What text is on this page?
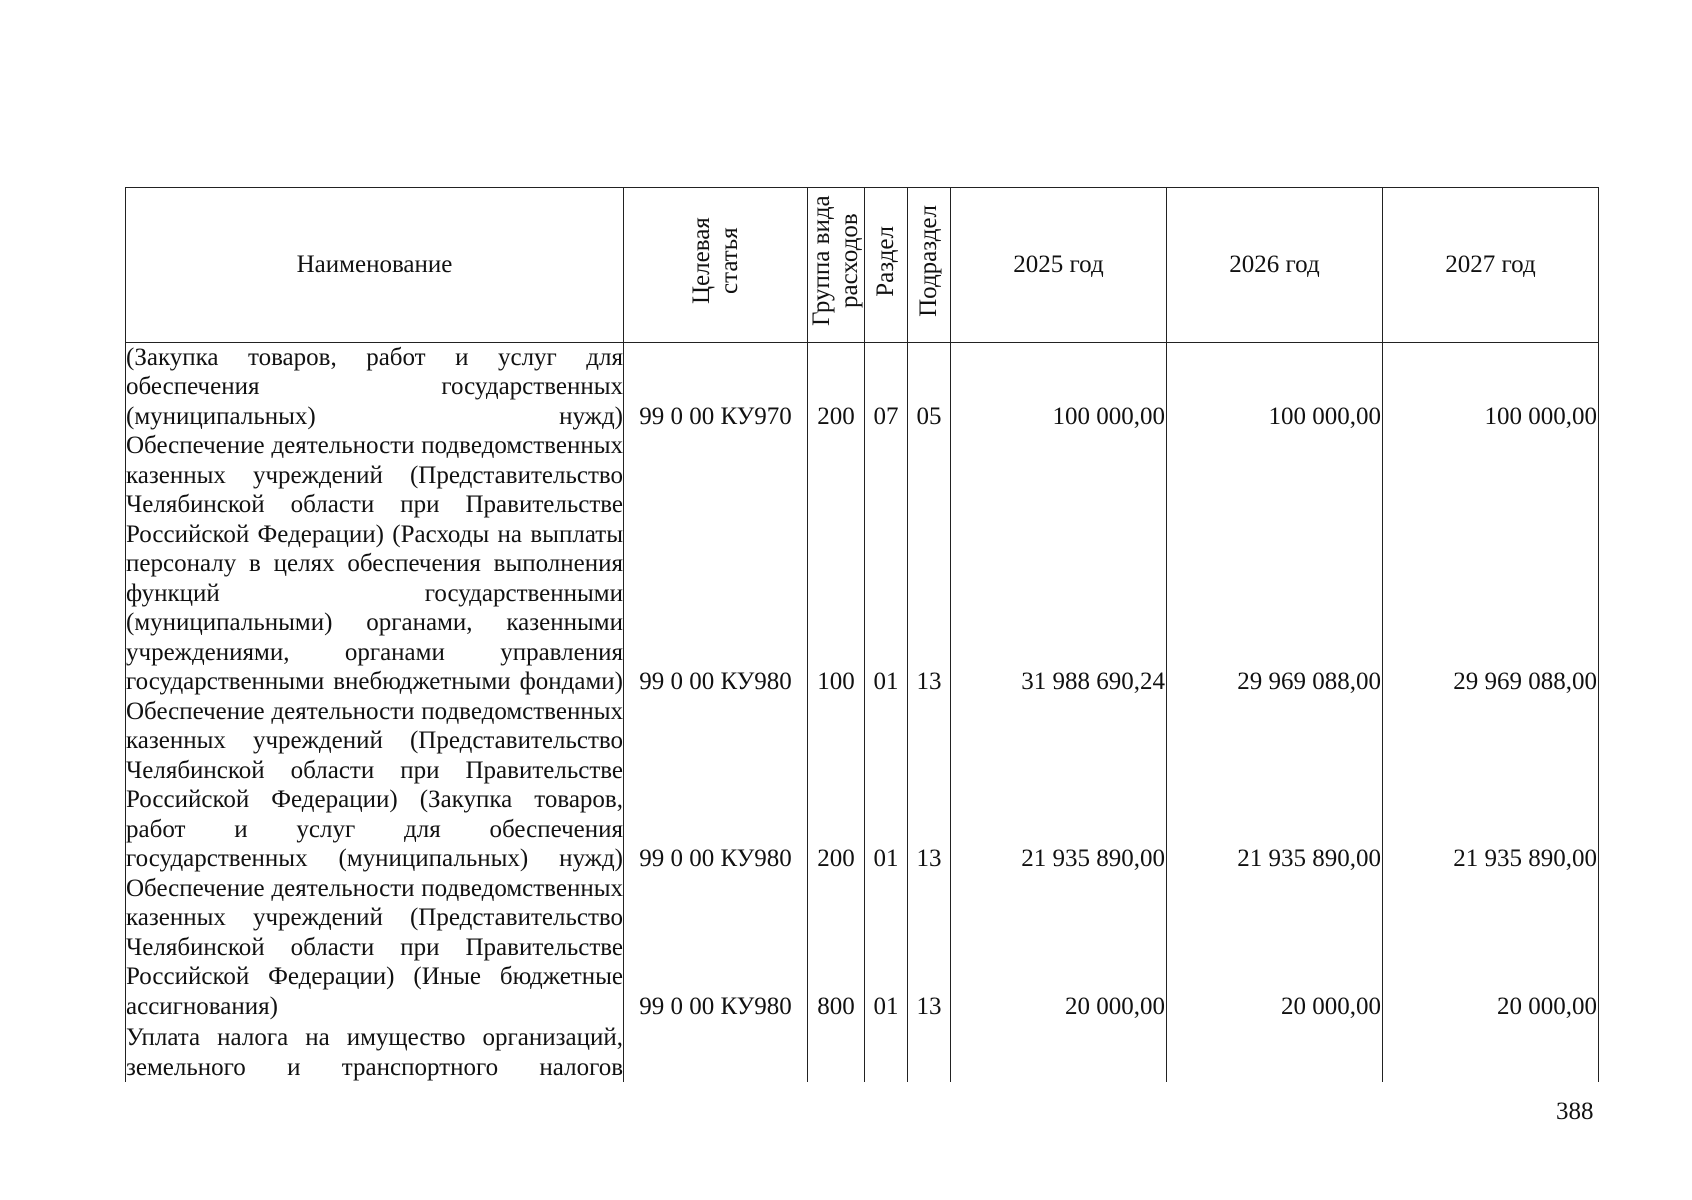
Наименование	Целевая статья	Группа вида расходов	Раздел	Подраздел	2025 год	2026 год	2027 год
(Закупка товаров, работ и услуг для обеспечения государственных (муниципальных) нужд)	99 0 00 КУ970	200	07	05	100 000,00	100 000,00	100 000,00
Обеспечение деятельности подведомственных казенных учреждений (Представительство Челябинской области при Правительстве Российской Федерации) (Расходы на выплаты персоналу в целях обеспечения выполнения функций государственными (муниципальными) органами, казенными учреждениями, органами управления государственными внебюджетными фондами)	99 0 00 КУ980	100	01	13	31 988 690,24	29 969 088,00	29 969 088,00
Обеспечение деятельности подведомственных казенных учреждений (Представительство Челябинской области при Правительстве Российской Федерации) (Закупка товаров, работ и услуг для обеспечения государственных (муниципальных) нужд)	99 0 00 КУ980	200	01	13	21 935 890,00	21 935 890,00	21 935 890,00
Обеспечение деятельности подведомственных казенных учреждений (Представительство Челябинской области при Правительстве Российской Федерации) (Иные бюджетные ассигнования)	99 0 00 КУ980	800	01	13	20 000,00	20 000,00	20 000,00
Уплата налога на имущество организаций, земельного и транспортного налогов							
388
